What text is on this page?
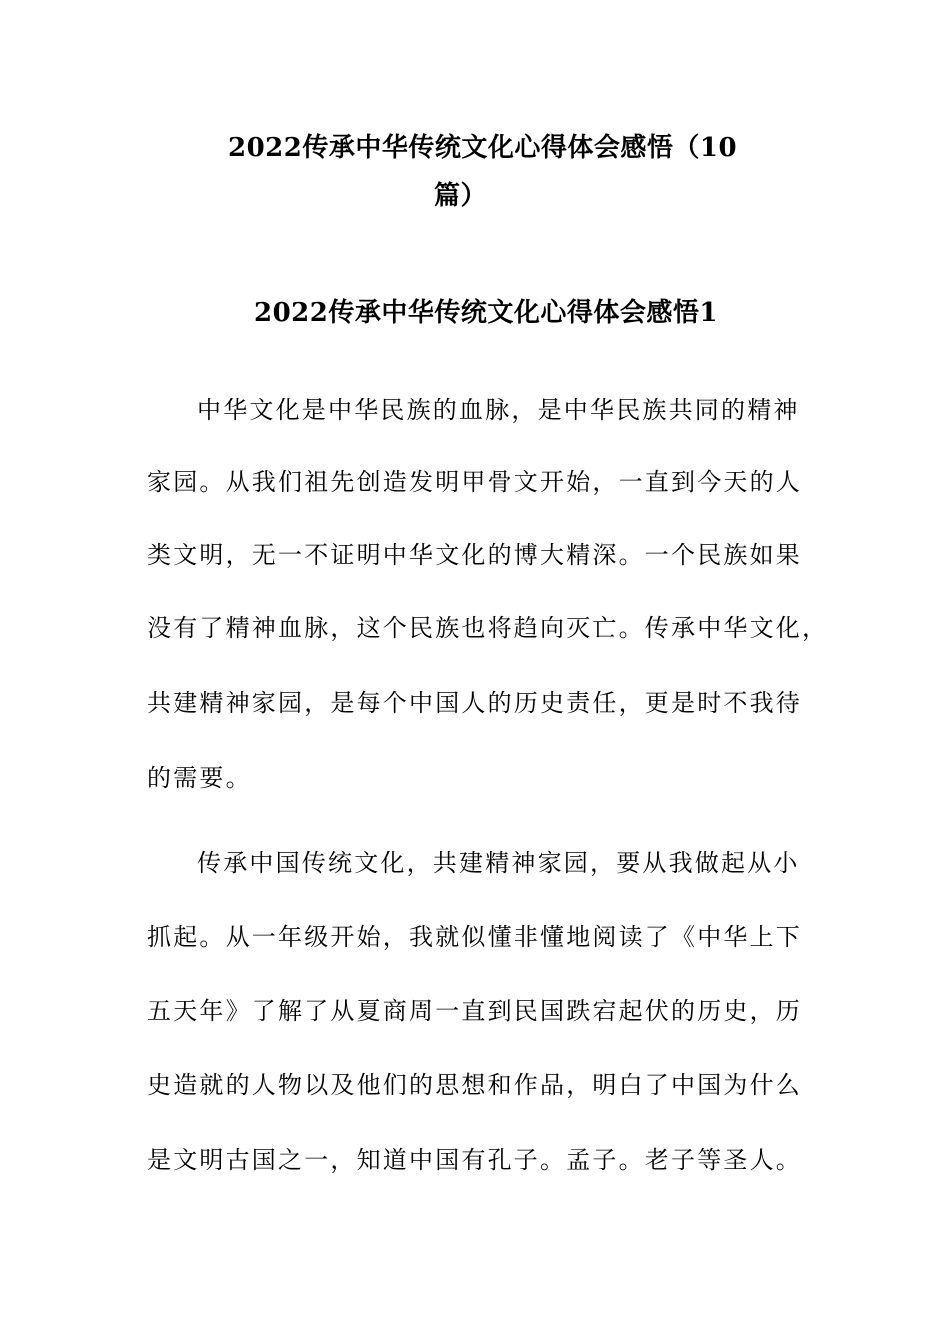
2022传承中华传统文化心得体会感悟（10
篇）
2022传承中华传统文化心得体会感悟1
中华文化是中华民族的血脉，是中华民族共同的精神
家园。从我们祖先创造发明甲骨文开始，一直到今天的人
类文明，无一不证明中华文化的博大精深。一个民族如果
没有了精神血脉，这个民族也将趋向灭亡。传承中华文化，
共建精神家园，是每个中国人的历史责任，更是时不我待
的需要。
传承中国传统文化，共建精神家园，要从我做起从小
抓起。从一年级开始，我就似懂非懂地阅读了《中华上下
五天年》了解了从夏商周一直到民国跌宕起伏的历史，历
史造就的人物以及他们的思想和作品，明白了中国为什么
是文明古国之一，知道中国有孔子。孟子。老子等圣人。
